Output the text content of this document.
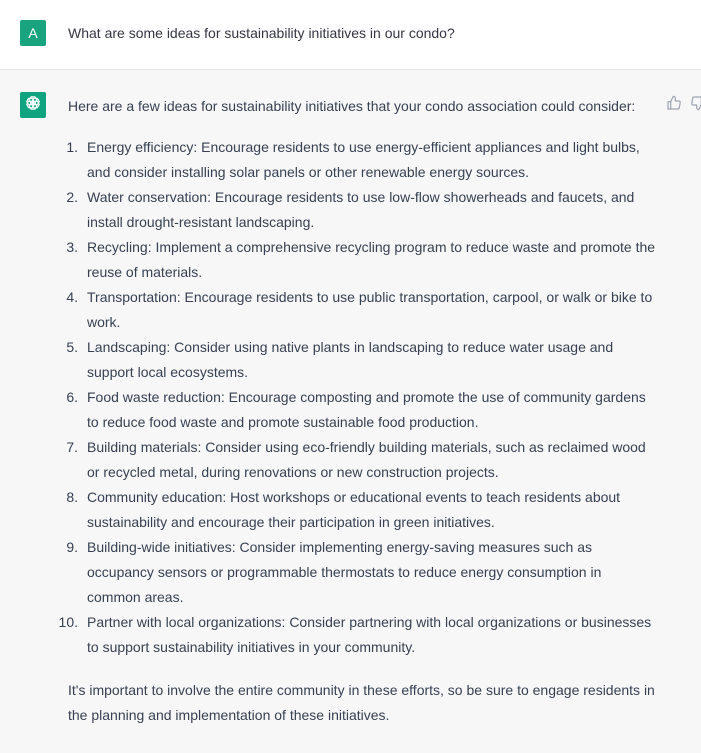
A	What are some ideas for sustainability initiatives in our condo?

Here are a few ideas for sustainability initiatives that your condo association could consider:

1. Energy efficiency: Encourage residents to use energy-efficient appliances and light bulbs, and consider installing solar panels or other renewable energy sources.
2. Water conservation: Encourage residents to use low-flow showerheads and faucets, and install drought-resistant landscaping.
3. Recycling: Implement a comprehensive recycling program to reduce waste and promote the reuse of materials.
4. Transportation: Encourage residents to use public transportation, carpool, or walk or bike to work.
5. Landscaping: Consider using native plants in landscaping to reduce water usage and support local ecosystems.
6. Food waste reduction: Encourage composting and promote the use of community gardens to reduce food waste and promote sustainable food production.
7. Building materials: Consider using eco-friendly building materials, such as reclaimed wood or recycled metal, during renovations or new construction projects.
8. Community education: Host workshops or educational events to teach residents about sustainability and encourage their participation in green initiatives.
9. Building-wide initiatives: Consider implementing energy-saving measures such as occupancy sensors or programmable thermostats to reduce energy consumption in common areas.
10. Partner with local organizations: Consider partnering with local organizations or businesses to support sustainability initiatives in your community.

It's important to involve the entire community in these efforts, so be sure to engage residents in the planning and implementation of these initiatives.
